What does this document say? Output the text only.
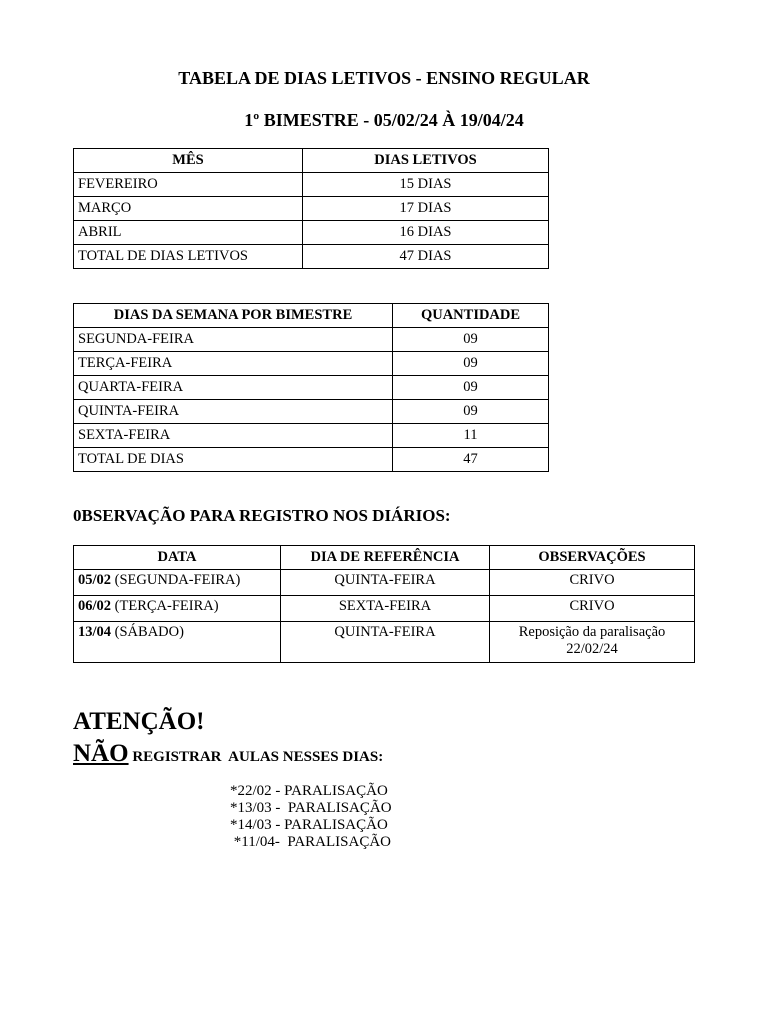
TABELA DE DIAS LETIVOS - ENSINO REGULAR
1º BIMESTRE - 05/02/24 À 19/04/24
MÊS	DIAS LETIVOS
FEVEREIRO	15 DIAS
MARÇO	17 DIAS
ABRIL	16 DIAS
TOTAL DE DIAS LETIVOS	47 DIAS
DIAS DA SEMANA POR BIMESTRE	QUANTIDADE
SEGUNDA-FEIRA	09
TERÇA-FEIRA	09
QUARTA-FEIRA	09
QUINTA-FEIRA	09
SEXTA-FEIRA	11
TOTAL DE DIAS	47
0BSERVAÇÃO PARA REGISTRO NOS DIÁRIOS:
DATA	DIA DE REFERÊNCIA	OBSERVAÇÕES
05/02 (SEGUNDA-FEIRA)	QUINTA-FEIRA	CRIVO
06/02 (TERÇA-FEIRA)	SEXTA-FEIRA	CRIVO
13/04 (SÁBADO)	QUINTA-FEIRA	Reposição da paralisação 22/02/24
ATENÇÃO!
NÃO REGISTRAR  AULAS NESSES DIAS:
*22/02 - PARALISAÇÃO
*13/03 -  PARALISAÇÃO
*14/03 - PARALISAÇÃO
*11/04-  PARALISAÇÃO
